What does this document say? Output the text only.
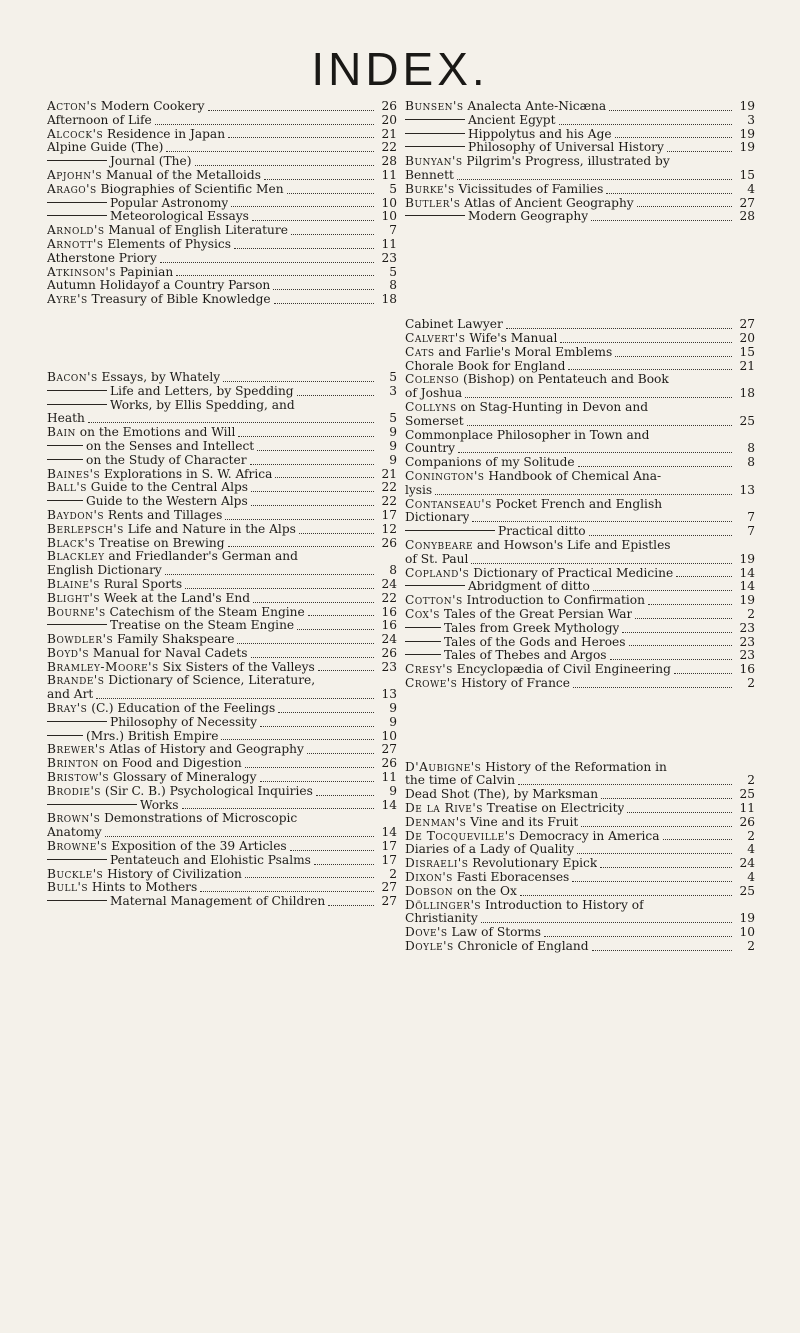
INDEX.
Acton's Modern Cookery	26
Afternoon of Life	20
Alcock's Residence in Japan	21
Alpine Guide (The)	22
Journal (The)	28
Apjohn's Manual of the Metalloids	11
Arago's Biographies of Scientific Men	5
Popular Astronomy	10
Meteorological Essays	10
Arnold's Manual of English Literature	7
Arnott's Elements of Physics	11
Atherstone Priory	23
Atkinson's Papinian	5
Autumn Holidayof a Country Parson	8
Ayre's Treasury of Bible Knowledge	18
Bacon's Essays, by Whately	5
Life and Letters, by Spedding	3
Works, by Ellis Spedding, and
Heath	5
Bain on the Emotions and Will	9
on the Senses and Intellect	9
on the Study of Character	9
Baines's Explorations in S. W. Africa	21
Ball's Guide to the Central Alps	22
Guide to the Western Alps	22
Baydon's Rents and Tillages	17
Berlepsch's Life and Nature in the Alps	12
Black's Treatise on Brewing	26
Blackley and Friedlander's German and
English Dictionary	8
Blaine's Rural Sports	24
Blight's Week at the Land's End	22
Bourne's Catechism of the Steam Engine	16
Treatise on the Steam Engine	16
Bowdler's Family Shakspeare	24
Boyd's Manual for Naval Cadets	26
Bramley-Moore's Six Sisters of the Valleys	23
Brande's Dictionary of Science, Literature,
and Art	13
Bray's (C.) Education of the Feelings	9
Philosophy of Necessity	9
(Mrs.) British Empire	10
Brewer's Atlas of History and Geography	27
Brinton on Food and Digestion	26
Bristow's Glossary of Mineralogy	11
Brodie's (Sir C. B.) Psychological Inquiries	9
Works	14
Brown's Demonstrations of Microscopic
Anatomy	14
Browne's Exposition of the 39 Articles	17
Pentateuch and Elohistic Psalms	17
Buckle's History of Civilization	2
Bull's Hints to Mothers	27
Maternal Management of Children	27
Bunsen's Analecta Ante-Nicæna	19
Ancient Egypt	3
Hippolytus and his Age	19
Philosophy of Universal History	19
Bunyan's Pilgrim's Progress, illustrated by
Bennett	15
Burke's Vicissitudes of Families	4
Butler's Atlas of Ancient Geography	27
Modern Geography	28
Cabinet Lawyer	27
Calvert's Wife's Manual	20
Cats and Farlie's Moral Emblems	15
Chorale Book for England	21
Colenso (Bishop) on Pentateuch and Book
of Joshua	18
Collyns on Stag-Hunting in Devon and
Somerset	25
Commonplace Philosopher in Town and
Country	8
Companions of my Solitude	8
Conington's Handbook of Chemical Ana-
lysis	13
Contanseau's Pocket French and English
Dictionary	7
Practical ditto	7
Conybeare and Howson's Life and Epistles
of St. Paul	19
Copland's Dictionary of Practical Medicine	14
Abridgment of ditto	14
Cotton's Introduction to Confirmation	19
Cox's Tales of the Great Persian War	2
Tales from Greek Mythology	23
Tales of the Gods and Heroes	23
Tales of Thebes and Argos	23
Cresy's Encyclopædia of Civil Engineering	16
Crowe's History of France	2
D'Aubigne's History of the Reformation in
the time of Calvin	2
Dead Shot (The), by Marksman	25
De la Rive's Treatise on Electricity	11
Denman's Vine and its Fruit	26
De Tocqueville's Democracy in America	2
Diaries of a Lady of Quality	4
Disraeli's Revolutionary Epick	24
Dixon's Fasti Eboracenses	4
Dobson on the Ox	25
Döllinger's Introduction to History of
Christianity	19
Dove's Law of Storms	10
Doyle's Chronicle of England	2
